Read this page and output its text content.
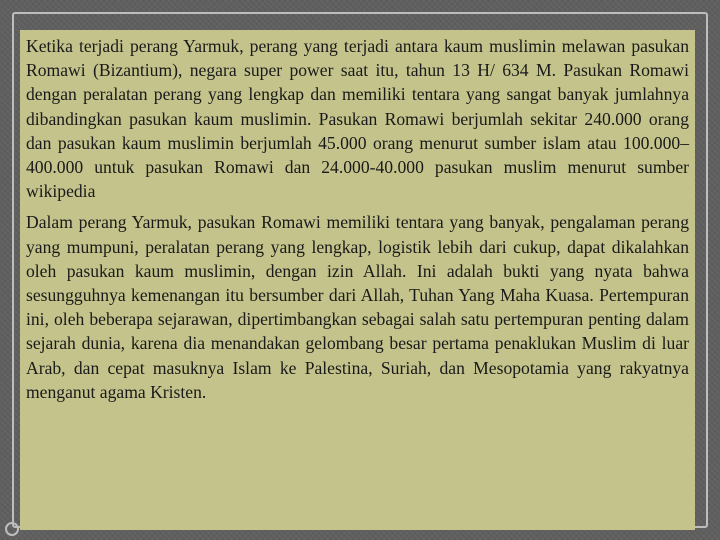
Ketika terjadi perang Yarmuk, perang yang terjadi antara kaum muslimin melawan pasukan Romawi (Bizantium), negara super power saat itu, tahun 13 H/ 634 M. Pasukan Romawi dengan peralatan perang yang lengkap dan memiliki tentara yang sangat banyak jumlahnya dibandingkan pasukan kaum muslimin. Pasukan Romawi berjumlah sekitar 240.000 orang dan pasukan kaum muslimin berjumlah 45.000 orang menurut sumber islam atau 100.000–400.000 untuk pasukan Romawi dan 24.000-40.000 pasukan muslim menurut sumber wikipedia

Dalam perang Yarmuk, pasukan Romawi memiliki tentara yang banyak, pengalaman perang yang mumpuni, peralatan perang yang lengkap, logistik lebih dari cukup, dapat dikalahkan oleh pasukan kaum muslimin, dengan izin Allah. Ini adalah bukti yang nyata bahwa sesungguhnya kemenangan itu bersumber dari Allah, Tuhan Yang Maha Kuasa. Pertempuran ini, oleh beberapa sejarawan, dipertimbangkan sebagai salah satu pertempuran penting dalam sejarah dunia, karena dia menandakan gelombang besar pertama penaklukan Muslim di luar Arab, dan cepat masuknya Islam ke Palestina, Suriah, dan Mesopotamia yang rakyatnya menganut agama Kristen.
